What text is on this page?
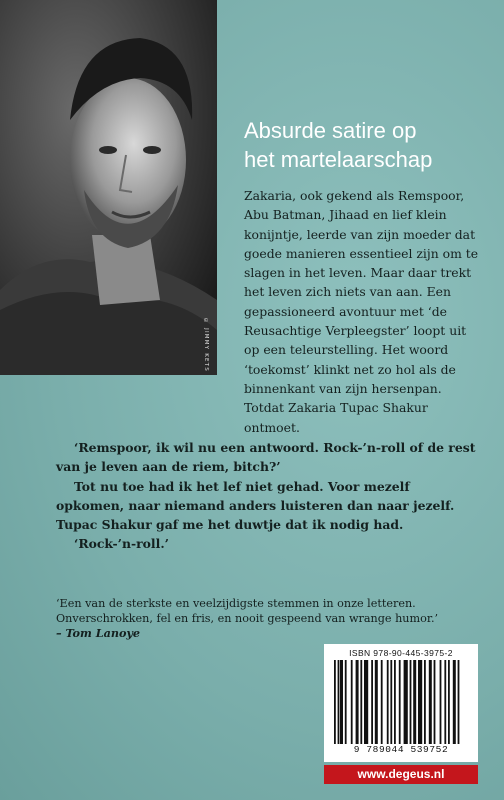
© JIMMY KETS
Absurde satire op
het martelaarschap

Zakaria, ook gekend als Remspoor, Abu Batman, Jihaad en lief klein konijntje, leerde van zijn moeder dat goede manieren essentieel zijn om te slagen in het leven. Maar daar trekt het leven zich niets van aan. Een gepassioneerd avontuur met ‘de Reusachtige Verpleegster’ loopt uit op een teleurstelling. Het woord ‘toekomst’ klinkt net zo hol als de binnenkant van zijn hersenpan. Totdat Zakaria Tupac Shakur ontmoet.

‘Remspoor, ik wil nu een antwoord. Rock-’n-roll of de rest van je leven aan de riem, bitch?’

Tot nu toe had ik het lef niet gehad. Voor mezelf opkomen, naar niemand anders luisteren dan naar jezelf. Tupac Shakur gaf me het duwtje dat ik nodig had.

‘Rock-’n-roll.’

‘Een van de sterkste en veelzijdigste stemmen in onze letteren. Onverschrokken, fel en fris, en nooit gespeend van wrange humor.’

– Tom Lanoye

ISBN 978-90-445-3975-2

9 789044 539752

www.degeus.nl
